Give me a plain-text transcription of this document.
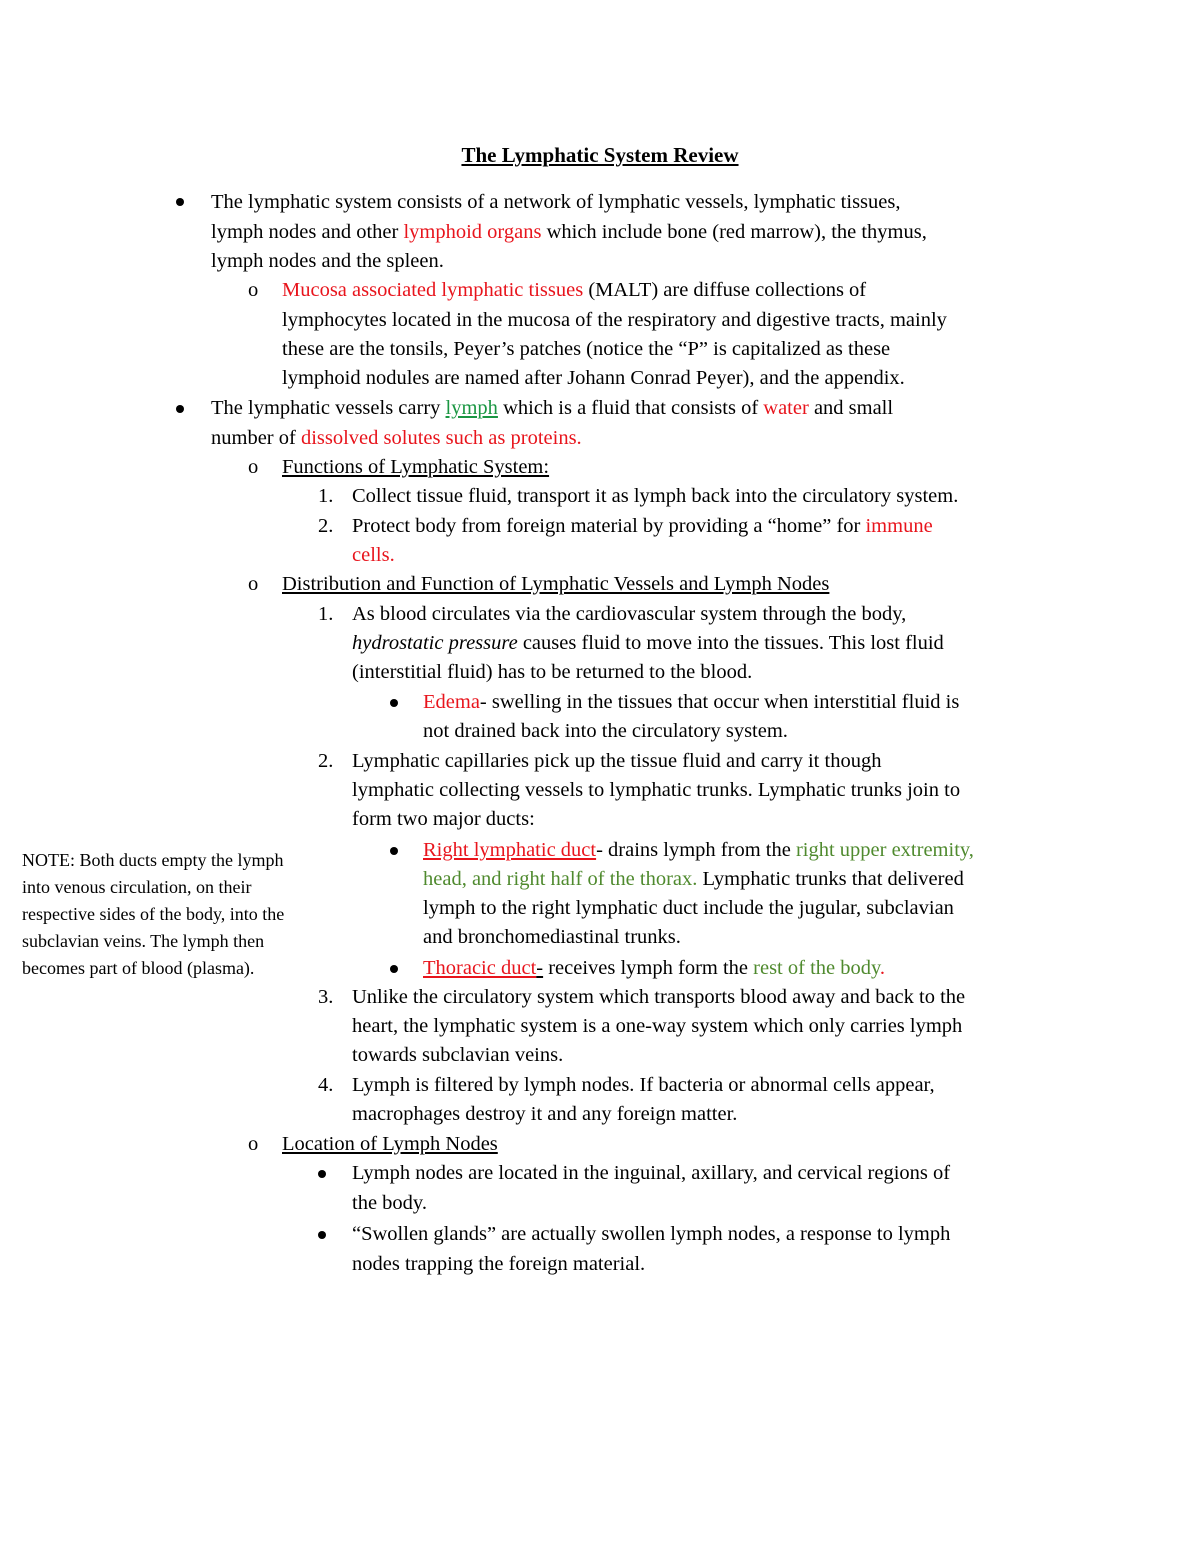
The Lymphatic System Review
The lymphatic system consists of a network of lymphatic vessels, lymphatic tissues,
lymph nodes and other lymphoid organs which include bone (red marrow), the thymus,
lymph nodes and the spleen.
o Mucosa associated lymphatic tissues (MALT) are diffuse collections of
lymphocytes located in the mucosa of the respiratory and digestive tracts, mainly
these are the tonsils, Peyer’s patches (notice the “P” is capitalized as these
lymphoid nodules are named after Johann Conrad Peyer), and the appendix.
The lymphatic vessels carry lymph which is a fluid that consists of water and small
number of dissolved solutes such as proteins.
o Functions of Lymphatic System:
1. Collect tissue fluid, transport it as lymph back into the circulatory system.
2. Protect body from foreign material by providing a “home” for immune
cells.
o Distribution and Function of Lymphatic Vessels and Lymph Nodes
1. As blood circulates via the cardiovascular system through the body,
hydrostatic pressure causes fluid to move into the tissues. This lost fluid
(interstitial fluid) has to be returned to the blood.
Edema- swelling in the tissues that occur when interstitial fluid is
not drained back into the circulatory system.
2. Lymphatic capillaries pick up the tissue fluid and carry it though
lymphatic collecting vessels to lymphatic trunks. Lymphatic trunks join to
form two major ducts:
Right lymphatic duct- drains lymph from the right upper extremity,
head, and right half of the thorax. Lymphatic trunks that delivered
lymph to the right lymphatic duct include the jugular, subclavian
and bronchomediastinal trunks.
Thoracic duct- receives lymph form the rest of the body.
3. Unlike the circulatory system which transports blood away and back to the
heart, the lymphatic system is a one-way system which only carries lymph
towards subclavian veins.
4. Lymph is filtered by lymph nodes. If bacteria or abnormal cells appear,
macrophages destroy it and any foreign matter.
o Location of Lymph Nodes
Lymph nodes are located in the inguinal, axillary, and cervical regions of
the body.
“Swollen glands” are actually swollen lymph nodes, a response to lymph
nodes trapping the foreign material.
NOTE: Both ducts empty the lymph
into venous circulation, on their
respective sides of the body, into the
subclavian veins. The lymph then
becomes part of blood (plasma).
